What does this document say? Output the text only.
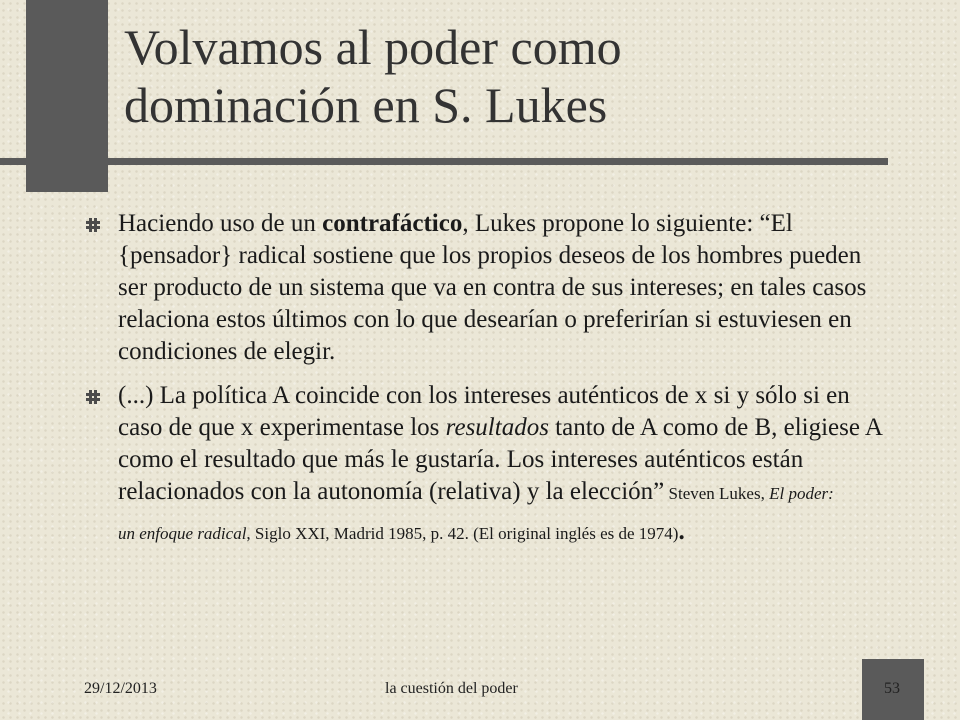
Volvamos al poder como
dominación en S. Lukes

Haciendo uso de un contrafáctico, Lukes propone lo siguiente: “El {pensador} radical sostiene que los propios deseos de los hombres pueden ser producto de un sistema que va en contra de sus intereses; en tales casos relaciona estos últimos con lo que desearían o preferirían si estuviesen en condiciones de elegir.

(...) La política A coincide con los intereses auténticos de x si y sólo si en caso de que x experimentase los resultados tanto de A como de B, eligiese A como el resultado que más le gustaría. Los intereses auténticos están relacionados con la autonomía (relativa) y la elección” Steven Lukes, El poder:
un enfoque radical, Siglo XXI, Madrid 1985, p. 42. (El original inglés es de 1974).

29/12/2013	la cuestión del poder	53
